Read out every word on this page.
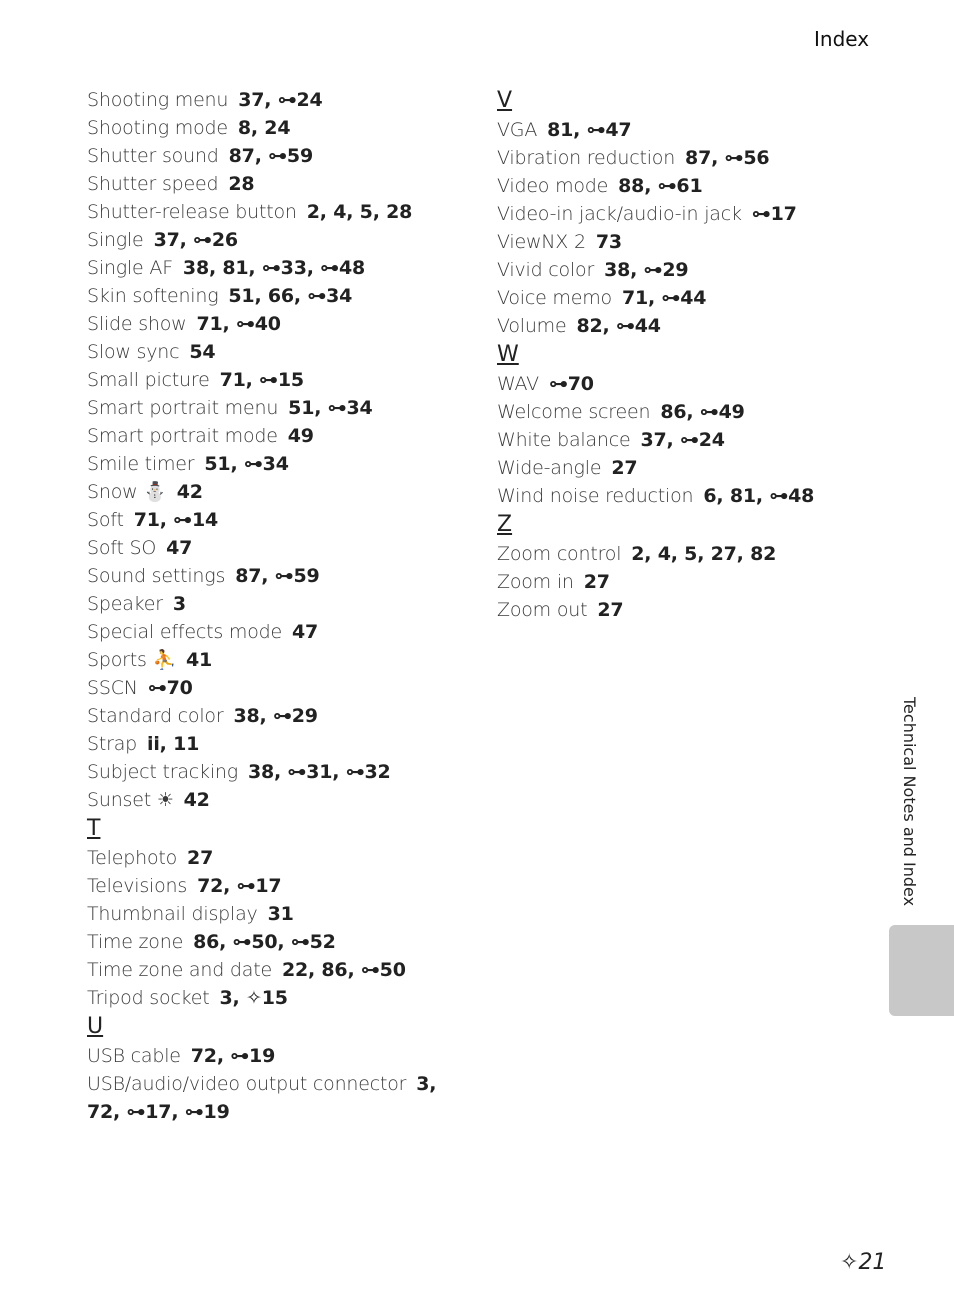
Index
Shooting menu 37, ⊶24
Shooting mode 8, 24
Shutter sound 87, ⊶59
Shutter speed 28
Shutter-release button 2, 4, 5, 28
Single 37, ⊶26
Single AF 38, 81, ⊶33, ⊶48
Skin softening 51, 66, ⊶34
Slide show 71, ⊶40
Slow sync 54
Small picture 71, ⊶15
Smart portrait menu 51, ⊶34
Smart portrait mode 49
Smile timer 51, ⊶34
Snow ⛄ 42
Soft 71, ⊶14
Soft SO 47
Sound settings 87, ⊶59
Speaker 3
Special effects mode 47
Sports ⛹ 41
SSCN ⊶70
Standard color 38, ⊶29
Strap ii, 11
Subject tracking 38, ⊶31, ⊶32
Sunset ☀ 42
T
Telephoto 27
Televisions 72, ⊶17
Thumbnail display 31
Time zone 86, ⊶50, ⊶52
Time zone and date 22, 86, ⊶50
Tripod socket 3, ✧15
U
USB cable 72, ⊶19
USB/audio/video output connector 3, 72, ⊶17, ⊶19
V
VGA 81, ⊶47
Vibration reduction 87, ⊶56
Video mode 88, ⊶61
Video-in jack/audio-in jack ⊶17
ViewNX 2 73
Vivid color 38, ⊶29
Voice memo 71, ⊶44
Volume 82, ⊶44
W
WAV ⊶70
Welcome screen 86, ⊶49
White balance 37, ⊶24
Wide-angle 27
Wind noise reduction 6, 81, ⊶48
Z
Zoom control 2, 4, 5, 27, 82
Zoom in 27
Zoom out 27
Technical Notes and Index
✧21
